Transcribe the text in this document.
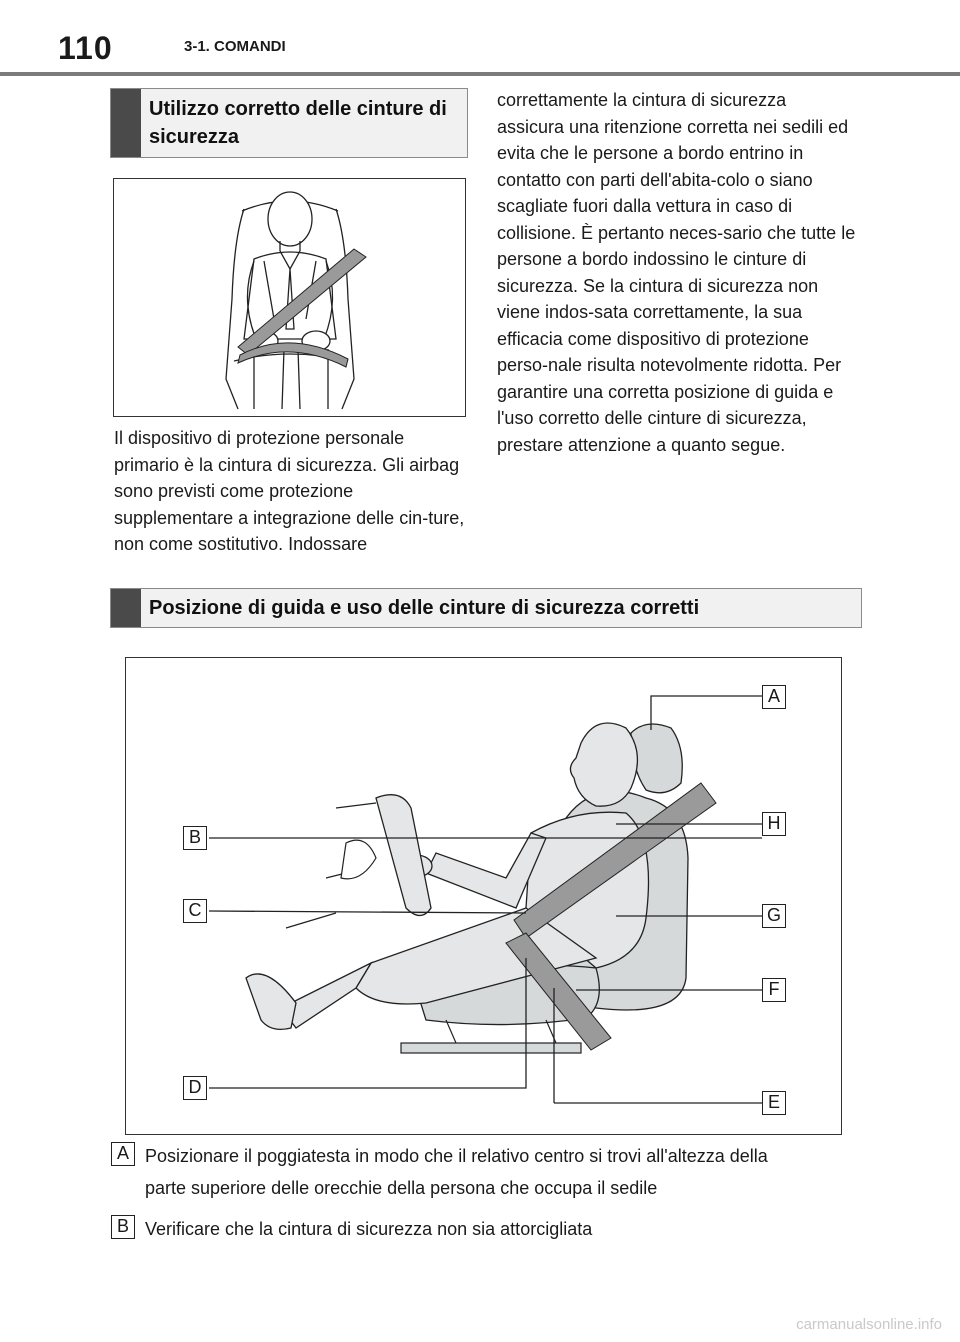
110	3-1. COMANDI
Utilizzo corretto delle cinture di sicurezza
Il dispositivo di protezione personale primario è la cintura di sicurezza. Gli airbag sono previsti come protezione supplementare a integrazione delle cin-ture, non come sostitutivo. Indossare
correttamente la cintura di sicurezza assicura una ritenzione corretta nei sedili ed evita che le persone a bordo entrino in contatto con parti dell'abita-colo o siano scagliate fuori dalla vettura in caso di collisione. È pertanto neces-sario che tutte le persone a bordo indossino le cinture di sicurezza. Se la cintura di sicurezza non viene indos-sata correttamente, la sua efficacia come dispositivo di protezione perso-nale risulta notevolmente ridotta. Per garantire una corretta posizione di guida e l'uso corretto delle cinture di sicurezza, prestare attenzione a quanto segue.
Posizione di guida e uso delle cinture di sicurezza corretti
A
B
H
C	G
F
D
E
A Posizionare il poggiatesta in modo che il relativo centro si trovi all'altezza della
parte superiore delle orecchie della persona che occupa il sedile
B Verificare che la cintura di sicurezza non sia attorcigliata
carmanualsonline.info
